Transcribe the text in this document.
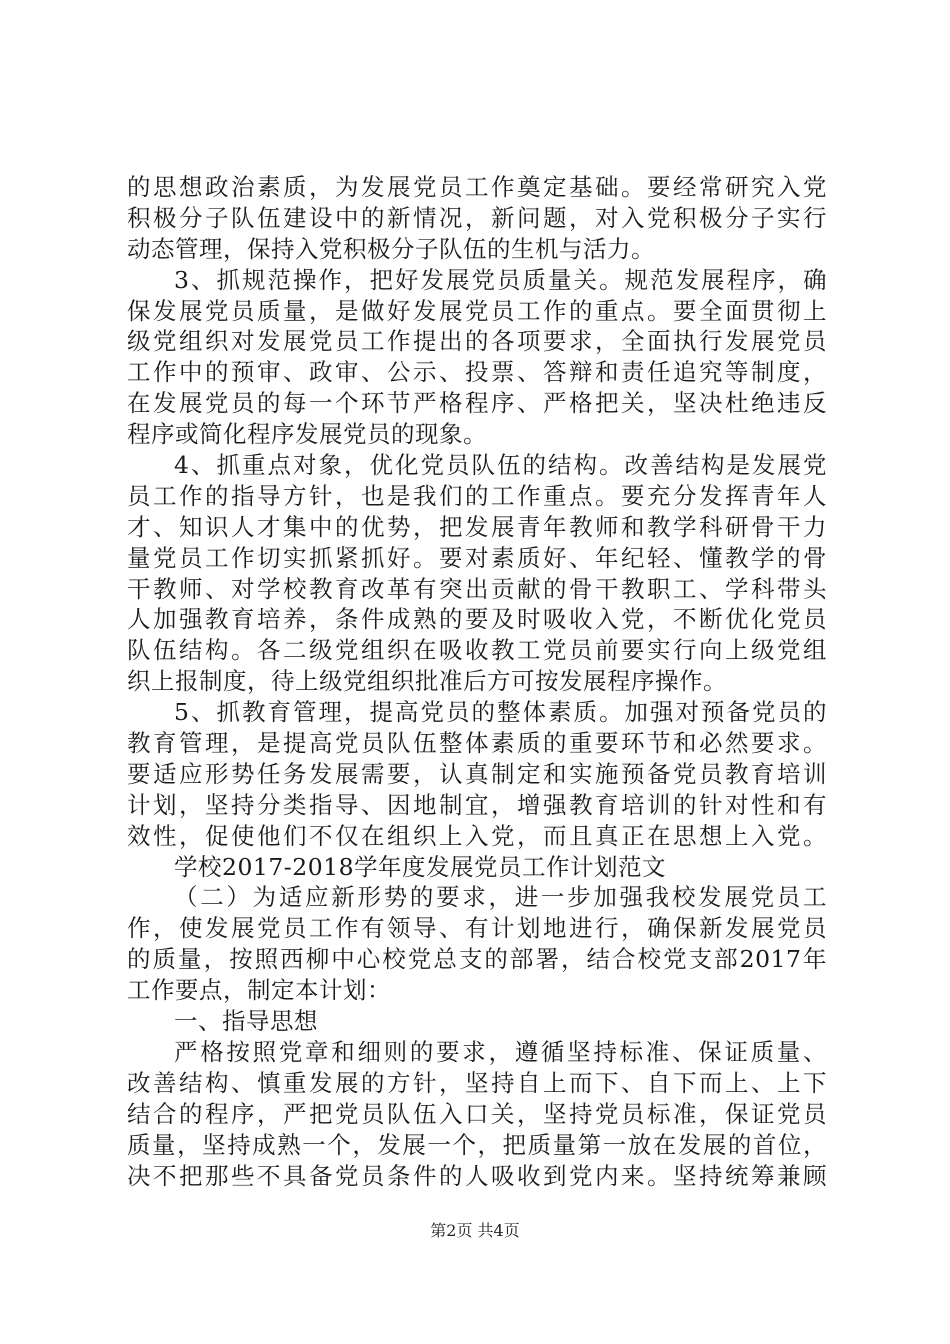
的思想政治素质，为发展党员工作奠定基础。要经常研究入党
积极分子队伍建设中的新情况，新问题，对入党积极分子实行
动态管理，保持入党积极分子队伍的生机与活力。
3、抓规范操作，把好发展党员质量关。规范发展程序，确
保发展党员质量，是做好发展党员工作的重点。要全面贯彻上
级党组织对发展党员工作提出的各项要求，全面执行发展党员
工作中的预审、政审、公示、投票、答辩和责任追究等制度，
在发展党员的每一个环节严格程序、严格把关，坚决杜绝违反
程序或简化程序发展党员的现象。
4、抓重点对象，优化党员队伍的结构。改善结构是发展党
员工作的指导方针，也是我们的工作重点。要充分发挥青年人
才、知识人才集中的优势，把发展青年教师和教学科研骨干力
量党员工作切实抓紧抓好。要对素质好、年纪轻、懂教学的骨
干教师、对学校教育改革有突出贡献的骨干教职工、学科带头
人加强教育培养，条件成熟的要及时吸收入党，不断优化党员
队伍结构。各二级党组织在吸收教工党员前要实行向上级党组
织上报制度，待上级党组织批准后方可按发展程序操作。
5、抓教育管理，提高党员的整体素质。加强对预备党员的
教育管理，是提高党员队伍整体素质的重要环节和必然要求。
要适应形势任务发展需要，认真制定和实施预备党员教育培训
计划，坚持分类指导、因地制宜，增强教育培训的针对性和有
效性，促使他们不仅在组织上入党，而且真正在思想上入党。
学校2017-2018学年度发展党员工作计划范文
（二）为适应新形势的要求，进一步加强我校发展党员工
作，使发展党员工作有领导、有计划地进行，确保新发展党员
的质量，按照西柳中心校党总支的部署，结合校党支部2017年
工作要点，制定本计划：
一、指导思想
严格按照党章和细则的要求，遵循坚持标准、保证质量、
改善结构、慎重发展的方针，坚持自上而下、自下而上、上下
结合的程序，严把党员队伍入口关，坚持党员标准，保证党员
质量，坚持成熟一个，发展一个，把质量第一放在发展的首位，
决不把那些不具备党员条件的人吸收到党内来。坚持统筹兼顾
第2页 共4页
